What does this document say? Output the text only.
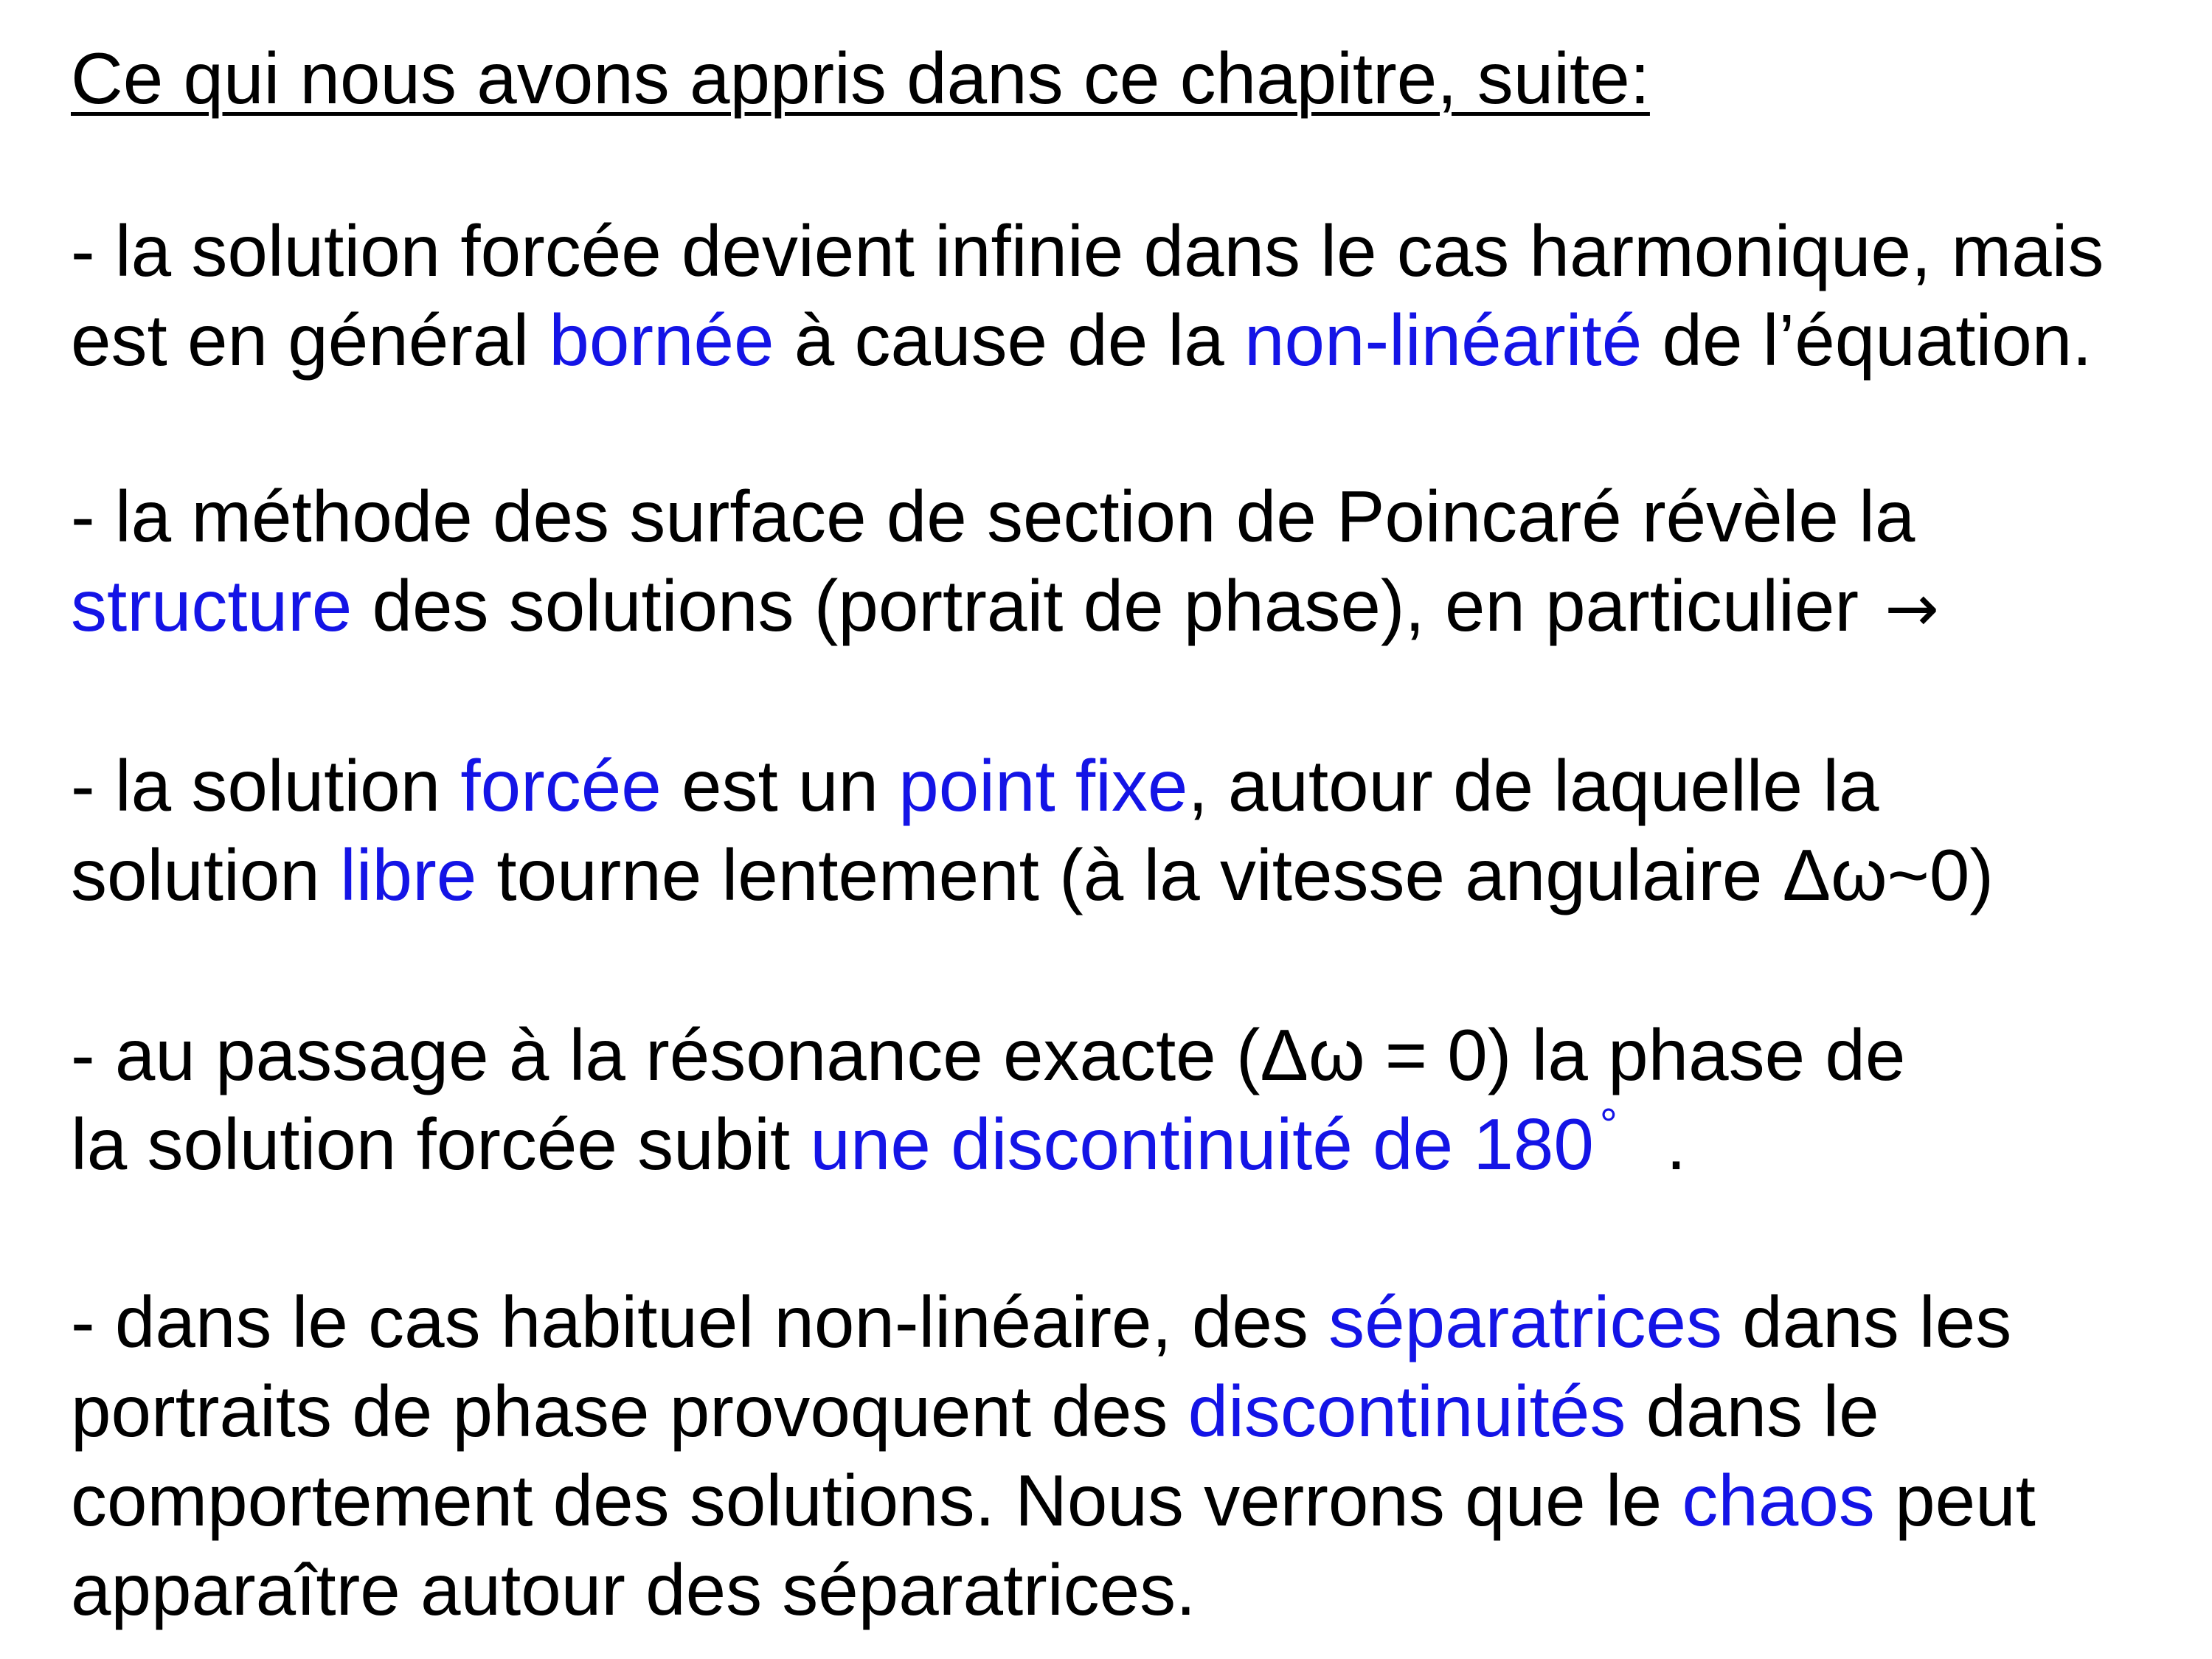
Ce qui nous avons appris dans ce chapitre, suite:

- la solution forcée devient infinie dans le cas harmonique, mais
est en général bornée à cause de la non-linéarité de l’équation.

- la méthode des surface de section de Poincaré révèle la
structure des solutions (portrait de phase), en particulier →

- la solution forcée est un point fixe, autour de laquelle la
solution libre tourne lentement (à la vitesse angulaire Δω~0)

- au passage à la résonance exacte (Δω = 0) la phase de
la solution forcée subit une discontinuité de 180 ° .

- dans le cas habituel non-linéaire, des séparatrices dans les
portraits de phase provoquent des discontinuités dans le
comportement des solutions. Nous verrons que le chaos peut
apparaître autour des séparatrices.
